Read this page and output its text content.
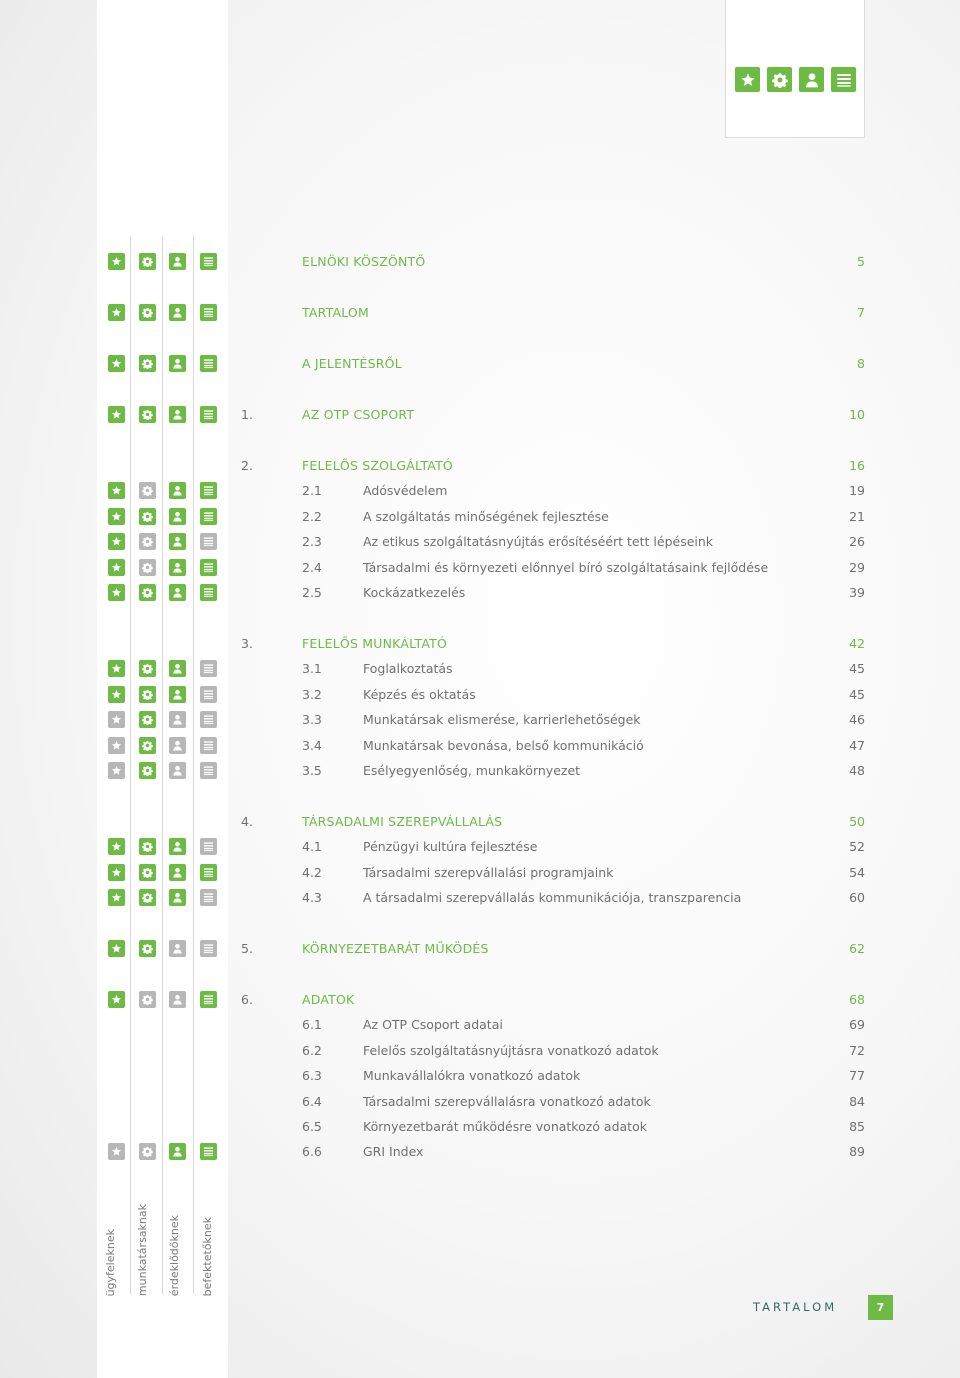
ELNÖKI KÖSZÖNTŐ	5
TARTALOM	7
A JELENTÉSRŐL	8
1.	AZ OTP CSOPORT	10
2.	FELELŐS SZOLGÁLTATÓ	16
2.1	Adósvédelem	19
2.2	A szolgáltatás minőségének fejlesztése	21
2.3	Az etikus szolgáltatásnyújtás erősítéséért tett lépéseink	26
2.4	Társadalmi és környezeti előnnyel bíró szolgáltatásaink fejlődése	29
2.5	Kockázatkezelés	39
3.	FELELŐS MUNKÁLTATÓ	42
3.1	Foglalkoztatás	45
3.2	Képzés és oktatás	45
3.3	Munkatársak elismerése, karrierlehetőségek	46
3.4	Munkatársak bevonása, belső kommunikáció	47
3.5	Esélyegyenlőség, munkakörnyezet	48
4.	TÁRSADALMI SZEREPVÁLLALÁS	50
4.1	Pénzügyi kultúra fejlesztése	52
4.2	Társadalmi szerepvállalási programjaink	54
4.3	A társadalmi szerepvállalás kommunikációja, transzparencia	60
5.	KÖRNYEZETBARÁT MŰKÖDÉS	62
6.	ADATOK	68
6.1	Az OTP Csoport adatai	69
6.2	Felelős szolgáltatásnyújtásra vonatkozó adatok	72
6.3	Munkavállalókra vonatkozó adatok	77
6.4	Társadalmi szerepvállalásra vonatkozó adatok	84
6.5	Környezetbarát működésre vonatkozó adatok	85
6.6	GRI Index	89
ügyfeleknek munkatársaknak érdeklődőknek befektetőknek
TARTALOM	7
